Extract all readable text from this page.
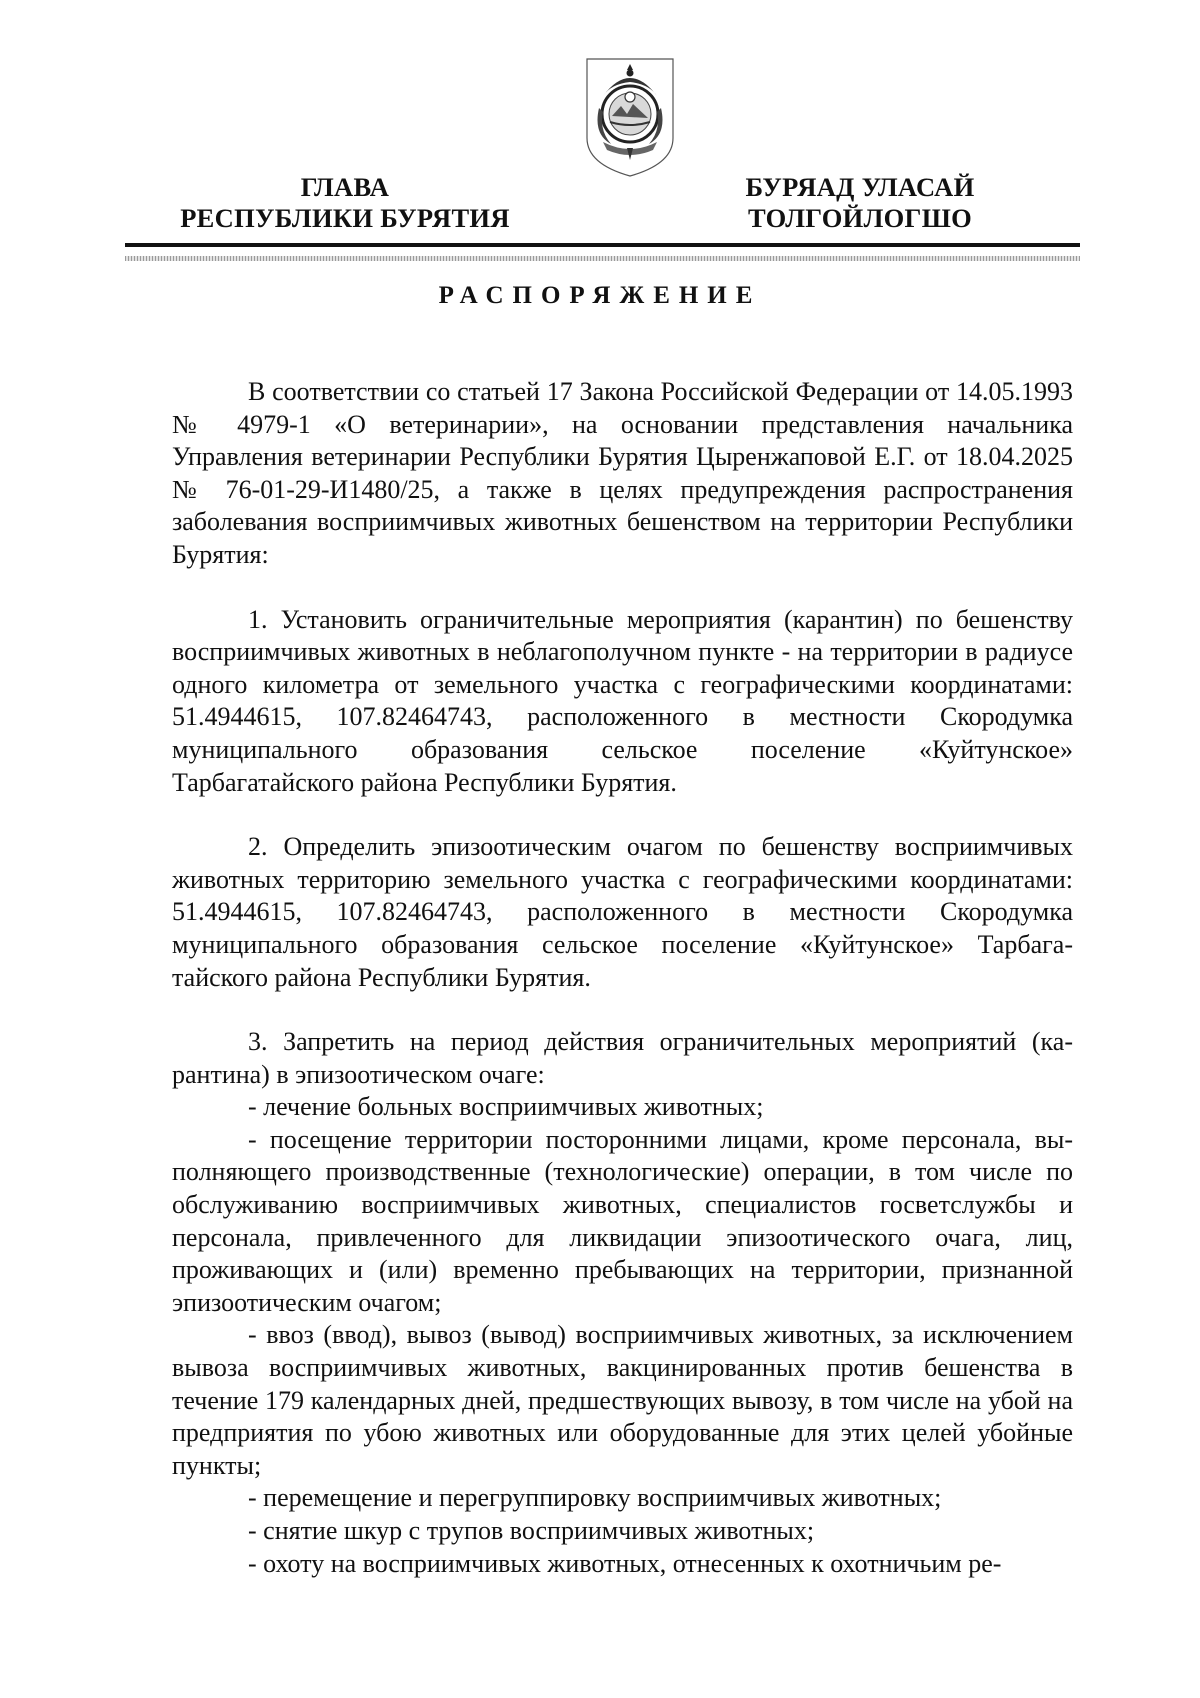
ГЛАВА
РЕСПУБЛИКИ БУРЯТИЯ
БУРЯАД УЛАСАЙ
ТОЛГОЙЛОГШО
РАСПОРЯЖЕНИЕ

В соответствии со статьей 17 Закона Российской Федерации от 14.05.1993 № 4979-1 «О ветеринарии», на основании представления начальника Управления ветеринарии Республики Бурятия Цыренжаповой Е.Г. от 18.04.2025 № 76-01-29-И1480/25, а также в целях предупреждения распространения заболевания восприимчивых животных бешенством на территории Республики Бурятия:

1. Установить ограничительные мероприятия (карантин) по бешенству восприимчивых животных в неблагополучном пункте - на территории в радиусе одного километра от земельного участка с географическими координатами: 51.4944615, 107.82464743, расположенного в местности Скородумка муниципального образования сельское поселение «Куйтунское» Тарбагатайского района Республики Бурятия.

2. Определить эпизоотическим очагом по бешенству восприимчивых животных территорию земельного участка с географическими координатами: 51.4944615, 107.82464743, расположенного в местности Скородумка муниципального образования сельское поселение «Куйтунское» Тарбагатайского района Республики Бурятия.

3. Запретить на период действия ограничительных мероприятий (карантина) в эпизоотическом очаге:

- лечение больных восприимчивых животных;

- посещение территории посторонними лицами, кроме персонала, выполняющего производственные (технологические) операции, в том числе по обслуживанию восприимчивых животных, специалистов госветслужбы и персонала, привлеченного для ликвидации эпизоотического очага, лиц, проживающих и (или) временно пребывающих на территории, признанной эпизоотическим очагом;

- ввоз (ввод), вывоз (вывод) восприимчивых животных, за исключением вывоза восприимчивых животных, вакцинированных против бешенства в течение 179 календарных дней, предшествующих вывозу, в том числе на убой на предприятия по убою животных или оборудованные для этих целей убойные пункты;

- перемещение и перегруппировку восприимчивых животных;

- снятие шкур с трупов восприимчивых животных;

- охоту на восприимчивых животных, отнесенных к охотничьим ре-
